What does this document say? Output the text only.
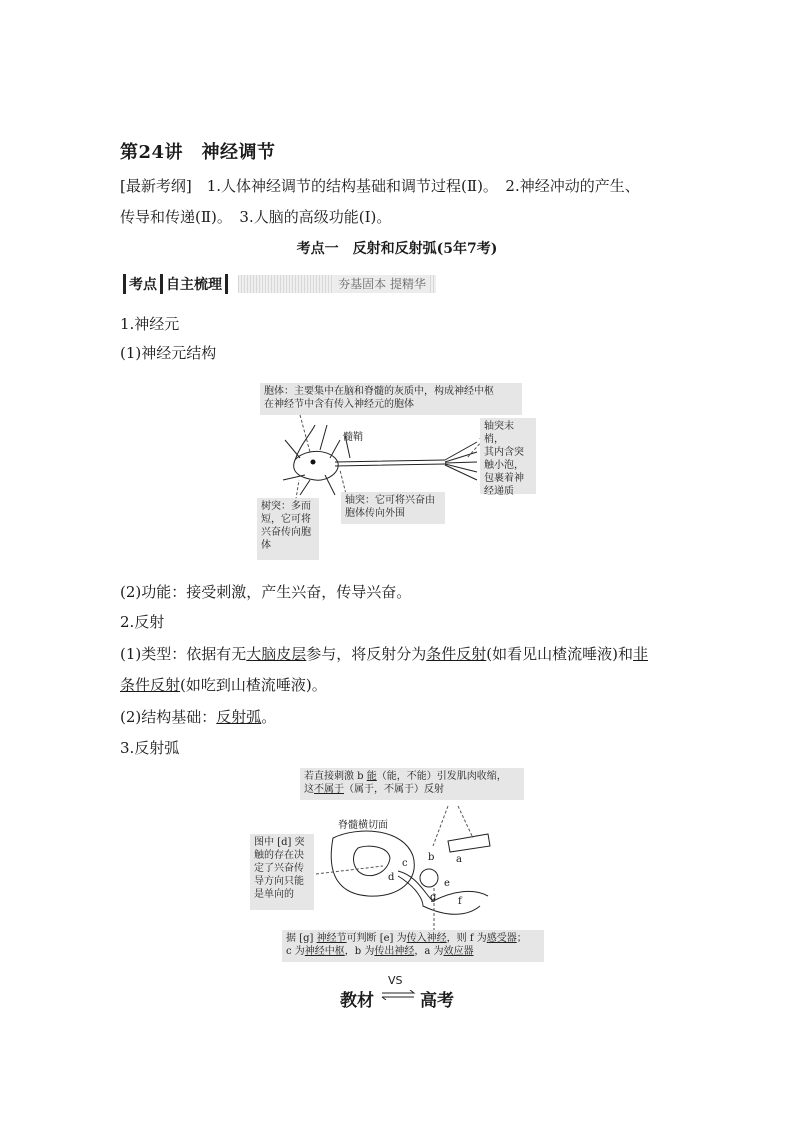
第24讲　神经调节
[最新考纲]　1.人体神经调节的结构基础和调节过程(Ⅱ)。　2.神经冲动的产生、
传导和传递(Ⅱ)。　3.人脑的高级功能(Ⅰ)。
考点一　反射和反射弧(5年7考)
考点 自主梳理	夯基固本 提精华
1.神经元
(1)神经元结构
胞体：主要集中在脑和脊髓的灰质中，构成神经中枢
在神经节中含有传入神经元的胞体
髓鞘
轴突末梢，
其内含突
触小泡，
包裹着神
经递质
树突：多而
短，它可将
兴奋传向胞
体
轴突：它可将兴奋由
胞体传向外围
(2)功能：接受刺激，产生兴奋，传导兴奋。
2.反射
(1)类型：依据有无大脑皮层参与，将反射分为条件反射(如看见山楂流唾液)和非
条件反射(如吃到山楂流唾液)。
(2)结构基础：反射弧。
3.反射弧
若直接刺激 b 能（能，不能）引发肌肉收缩，
这不属于（属于，不属于）反射
脊髓横切面
a
b
c
d
e
f
g
图中 [d] 突
触的存在决
定了兴奋传
导方向只能
是单向的
据 [g] 神经节可判断 [e] 为传入神经，则 f 为感受器；
c 为神经中枢，b 为传出神经，a 为效应器
教材
VS
高考
